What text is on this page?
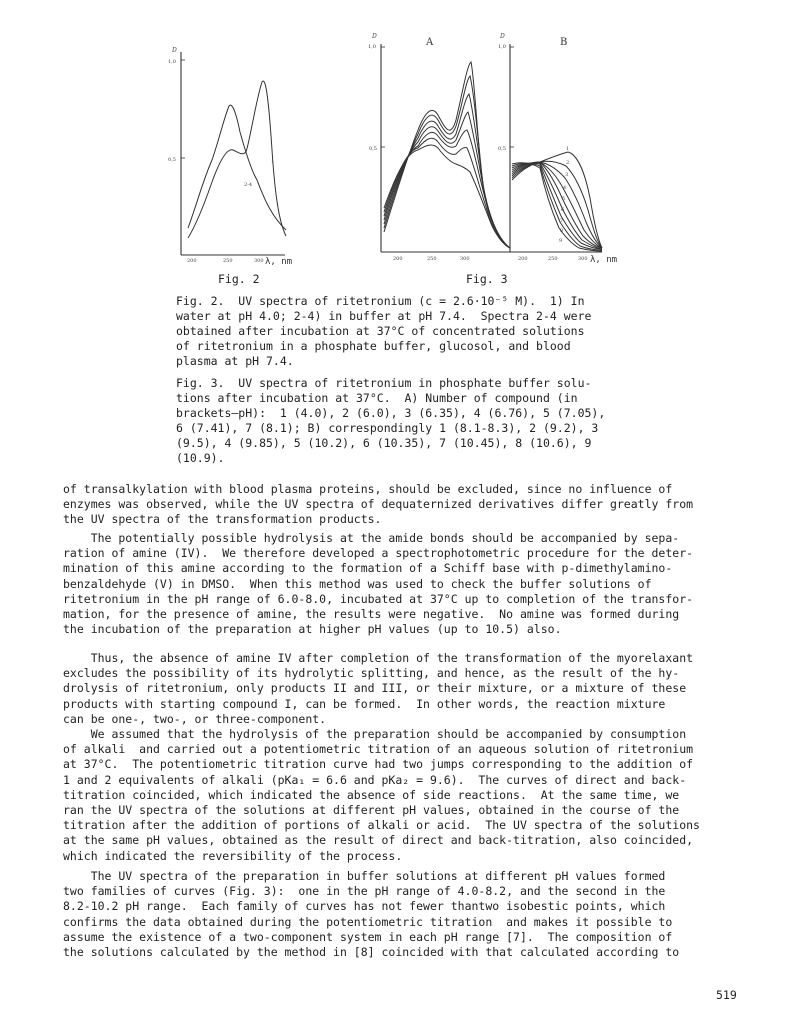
D
1,0
0,5
200	250	300 λ, nm
1
2-4
D
1,0
0,5
A
200	250	300
D
1,0
0,5
B
200	250	300 λ, nm
1
2
3
4
5
6
7
8
9
Fig. 2	Fig. 3
Fig. 2.  UV spectra of ritetronium (c = 2.6·10⁻⁵ M).  1) In
water at pH 4.0; 2-4) in buffer at pH 7.4.  Spectra 2-4 were
obtained after incubation at 37°C of concentrated solutions
of ritetronium in a phosphate buffer, glucosol, and blood
plasma at pH 7.4.
Fig. 3.  UV spectra of ritetronium in phosphate buffer solu-
tions after incubation at 37°C.  A) Number of compound (in
brackets—pH):  1 (4.0), 2 (6.0), 3 (6.35), 4 (6.76), 5 (7.05),
6 (7.41), 7 (8.1); B) correspondingly 1 (8.1-8.3), 2 (9.2), 3
(9.5), 4 (9.85), 5 (10.2), 6 (10.35), 7 (10.45), 8 (10.6), 9
(10.9).
of transalkylation with blood plasma proteins, should be excluded, since no influence of
enzymes was observed, while the UV spectra of dequaternized derivatives differ greatly from
the UV spectra of the transformation products.
The potentially possible hydrolysis at the amide bonds should be accompanied by sepa-
ration of amine (IV).  We therefore developed a spectrophotometric procedure for the deter-
mination of this amine according to the formation of a Schiff base with p-dimethylamino-
benzaldehyde (V) in DMSO.  When this method was used to check the buffer solutions of
ritetronium in the pH range of 6.0-8.0, incubated at 37°C up to completion of the transfor-
mation, for the presence of amine, the results were negative.  No amine was formed during
the incubation of the preparation at higher pH values (up to 10.5) also.
Thus, the absence of amine IV after completion of the transformation of the myorelaxant
excludes the possibility of its hydrolytic splitting, and hence, as the result of the hy-
drolysis of ritetronium, only products II and III, or their mixture, or a mixture of these
products with starting compound I, can be formed.  In other words, the reaction mixture
can be one-, two-, or three-component.
We assumed that the hydrolysis of the preparation should be accompanied by consumption
of alkali  and carried out a potentiometric titration of an aqueous solution of ritetronium
at 37°C.  The potentiometric titration curve had two jumps corresponding to the addition of
1 and 2 equivalents of alkali (pKa₁ = 6.6 and pKa₂ = 9.6).  The curves of direct and back-
titration coincided, which indicated the absence of side reactions.  At the same time, we
ran the UV spectra of the solutions at different pH values, obtained in the course of the
titration after the addition of portions of alkali or acid.  The UV spectra of the solutions
at the same pH values, obtained as the result of direct and back-titration, also coincided,
which indicated the reversibility of the process.
The UV spectra of the preparation in buffer solutions at different pH values formed
two families of curves (Fig. 3):  one in the pH range of 4.0-8.2, and the second in the
8.2-10.2 pH range.  Each family of curves has not fewer thantwo isobestic points, which
confirms the data obtained during the potentiometric titration  and makes it possible to
assume the existence of a two-component system in each pH range [7].  The composition of
the solutions calculated by the method in [8] coincided with that calculated according to
519
